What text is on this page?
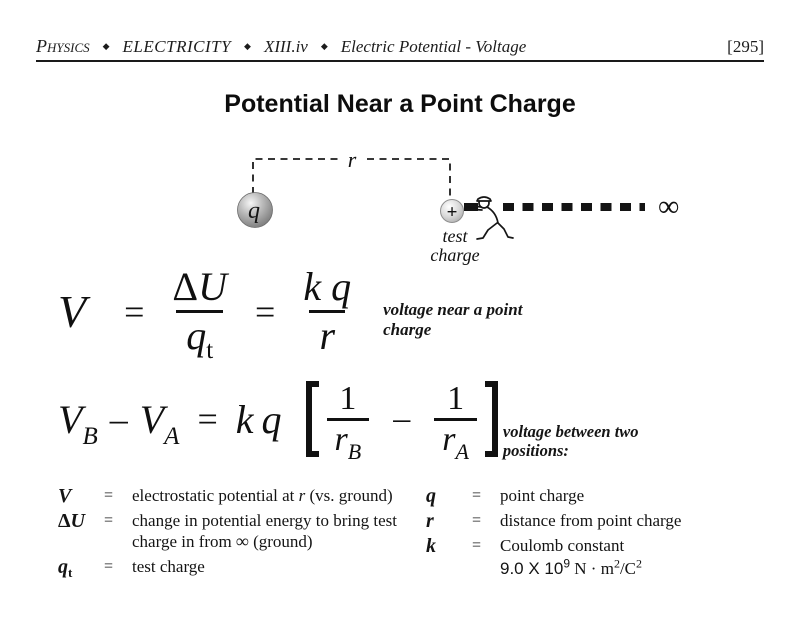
Physics ◆ ELECTRICITY ◆ XIII.iv ◆ Electric Potential - Voltage	[295]
Potential Near a Point Charge
r
q	∞
+
test
charge
$V = \frac{\Delta U}{q_t} = \frac{\text{k q}}{r}$ voltage near a point
charge
$V_B - V_A = k$  q $\frac{1}{r_B} - \frac{1}{r_A}$ voltage between two
positions:
V	=	electrostatic potential at r (vs. ground)
ΔU	=	change in potential energy to bring test
charge in from ∞ (ground)
$q_t$	=	test charge
q	=	point charge
r	=	distance from point charge
k	=	Coulomb constant
9.0 X $10^9$ $N \cdot m^2/C^2$
